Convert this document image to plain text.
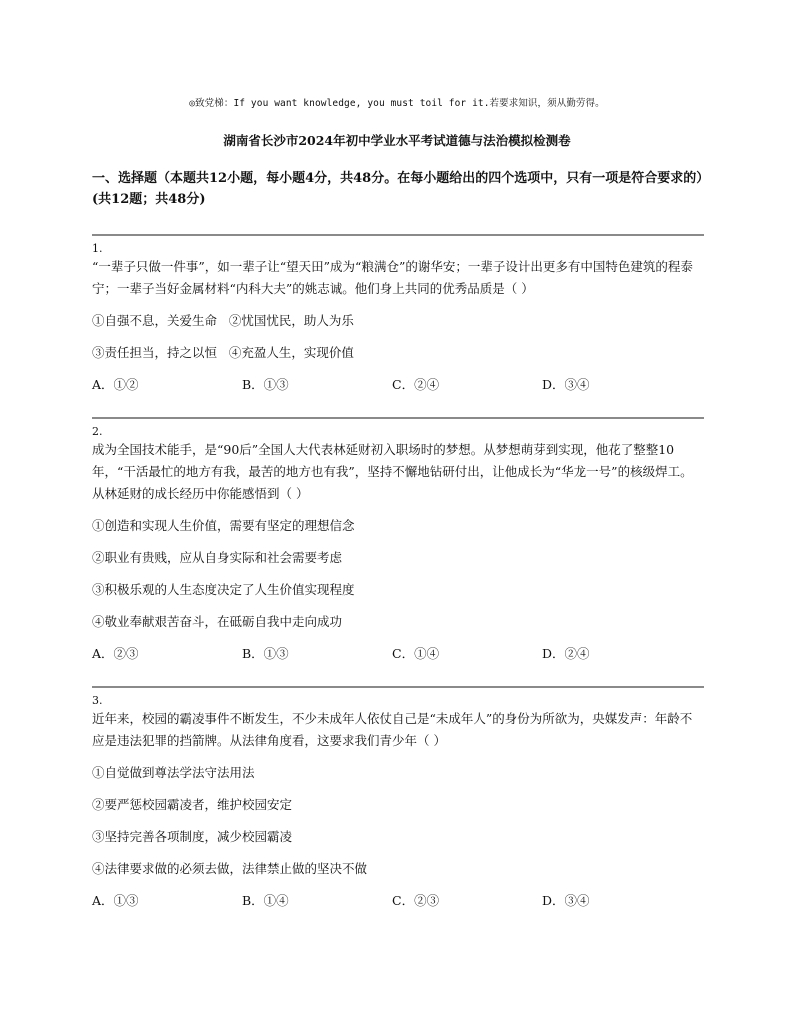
◎致党梯：If you want knowledge, you must toil for it.若要求知识，须从勤劳得。
湖南省长沙市2024年初中学业水平考试道德与法治模拟检测卷
一、选择题（本题共12小题，每小题4分，共48分。在每小题给出的四个选项中，只有一项是符合要求的）(共12题；共48分)
1.
“一辈子只做一件事”，如一辈子让“望天田”成为“粮满仓”的谢华安；一辈子设计出更多有中国特色建筑的程泰宁；一辈子当好金属材料“内科大夫”的姚志诚。他们身上共同的优秀品质是（ ）
①自强不息，关爱生命   ②忧国忧民，助人为乐
③责任担当，持之以恒   ④充盈人生，实现价值
A．①②	B．①③	C．②④	D．③④
2.
成为全国技术能手，是“90后”全国人大代表林延财初入职场时的梦想。从梦想萌芽到实现，他花了整整10年，“干活最忙的地方有我，最苦的地方也有我”，坚持不懈地钻研付出，让他成长为“华龙一号”的核级焊工。从林延财的成长经历中你能感悟到（ ）
①创造和实现人生价值，需要有坚定的理想信念
②职业有贵贱，应从自身实际和社会需要考虑
③积极乐观的人生态度决定了人生价值实现程度
④敬业奉献艰苦奋斗，在砥砺自我中走向成功
A．②③	B．①③	C．①④	D．②④
3.
近年来，校园的霸凌事件不断发生，不少未成年人依仗自己是“未成年人”的身份为所欲为，央媒发声：年龄不应是违法犯罪的挡箭牌。从法律角度看，这要求我们青少年（ ）
①自觉做到尊法学法守法用法
②要严惩校园霸凌者，维护校园安定
③坚持完善各项制度，减少校园霸凌
④法律要求做的必须去做，法律禁止做的坚决不做
A．①③	B．①④	C．②③	D．③④
